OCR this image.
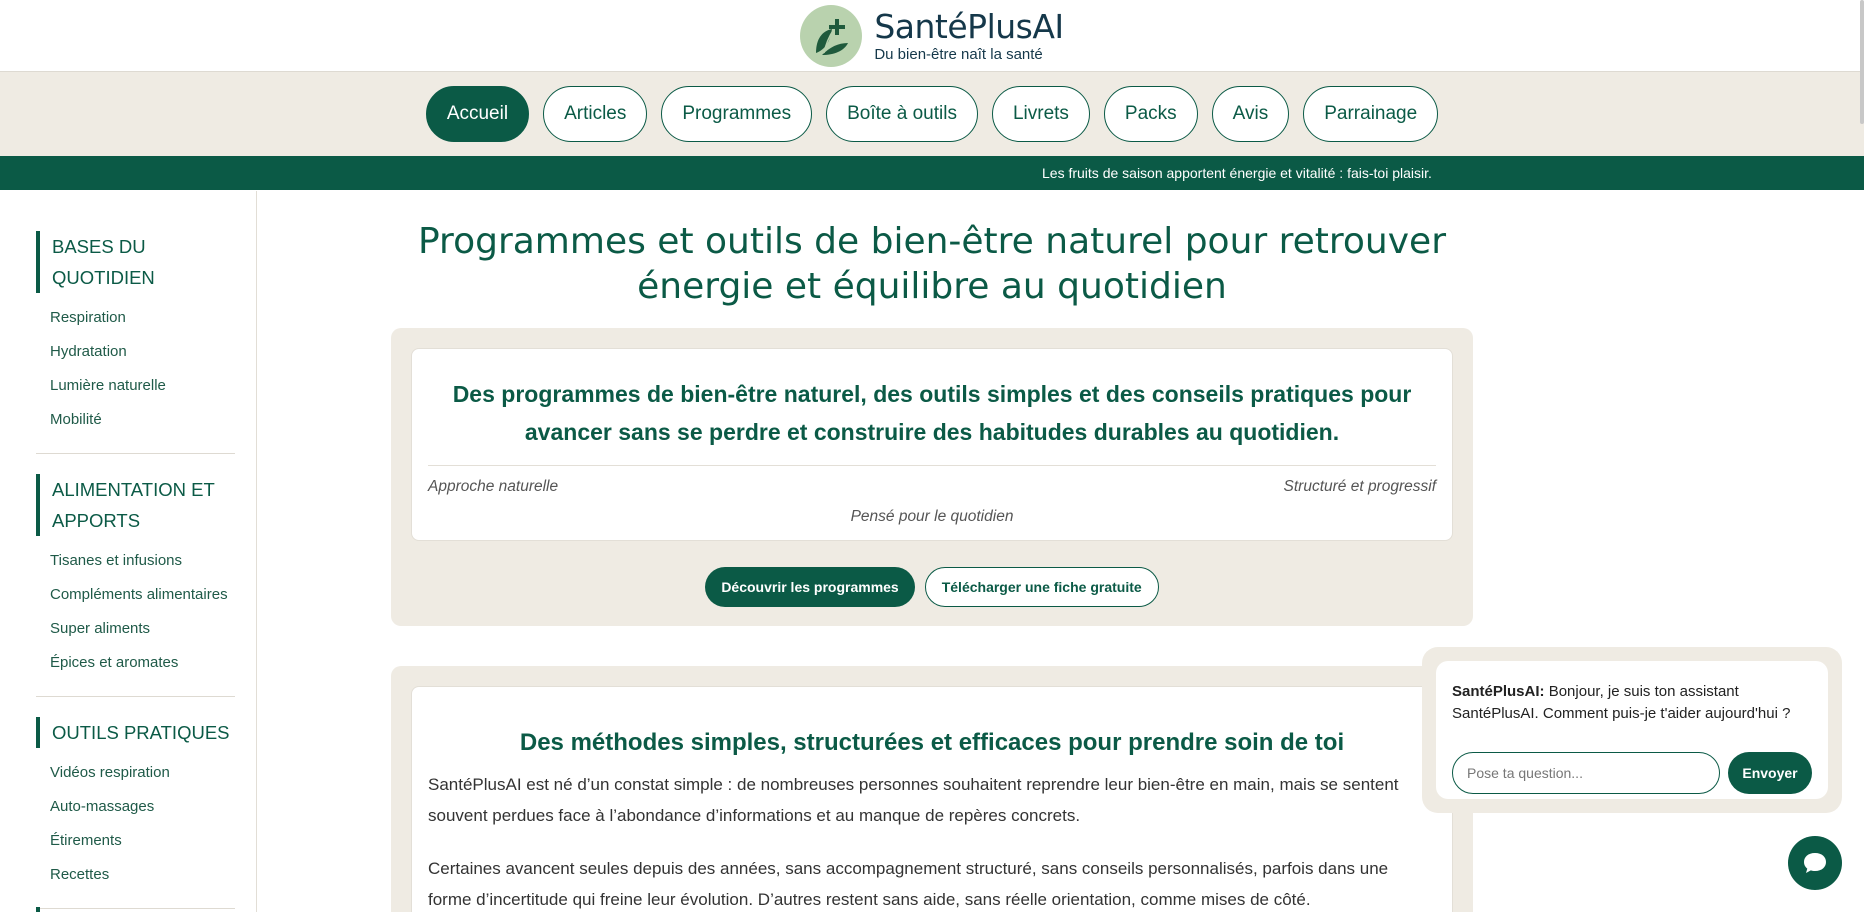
SantéPlusAI
Du bien-être naît la santé
Accueil	Articles	Programmes	Boîte à outils	Livrets	Packs	Avis	Parrainage
Les fruits de saison apportent énergie et vitalité : fais-toi plaisir.
BASES DU QUOTIDIEN
Respiration
Hydratation
Lumière naturelle
Mobilité
ALIMENTATION ET APPORTS
Tisanes et infusions
Compléments alimentaires
Super aliments
Épices et aromates
OUTILS PRATIQUES
Vidéos respiration
Auto-massages
Étirements
Recettes
Programmes et outils de bien-être naturel pour retrouver énergie et équilibre au quotidien
Des programmes de bien-être naturel, des outils simples et des conseils pratiques pour avancer sans se perdre et construire des habitudes durables au quotidien.
Approche naturelle	Structuré et progressif
Pensé pour le quotidien
Découvrir les programmes	Télécharger une fiche gratuite
Des méthodes simples, structurées et efficaces pour prendre soin de toi

SantéPlusAI est né d’un constat simple : de nombreuses personnes souhaitent reprendre leur bien-être en main, mais se sentent souvent perdues face à l’abondance d’informations et au manque de repères concrets.

Certaines avancent seules depuis des années, sans accompagnement structuré, sans conseils personnalisés, parfois dans une forme d’incertitude qui freine leur évolution. D’autres restent sans aide, sans réelle orientation, comme mises de côté.

SantéPlusAI: Bonjour, je suis ton assistant SantéPlusAI. Comment puis-je t'aider aujourd'hui ?
Pose ta question...
Envoyer
